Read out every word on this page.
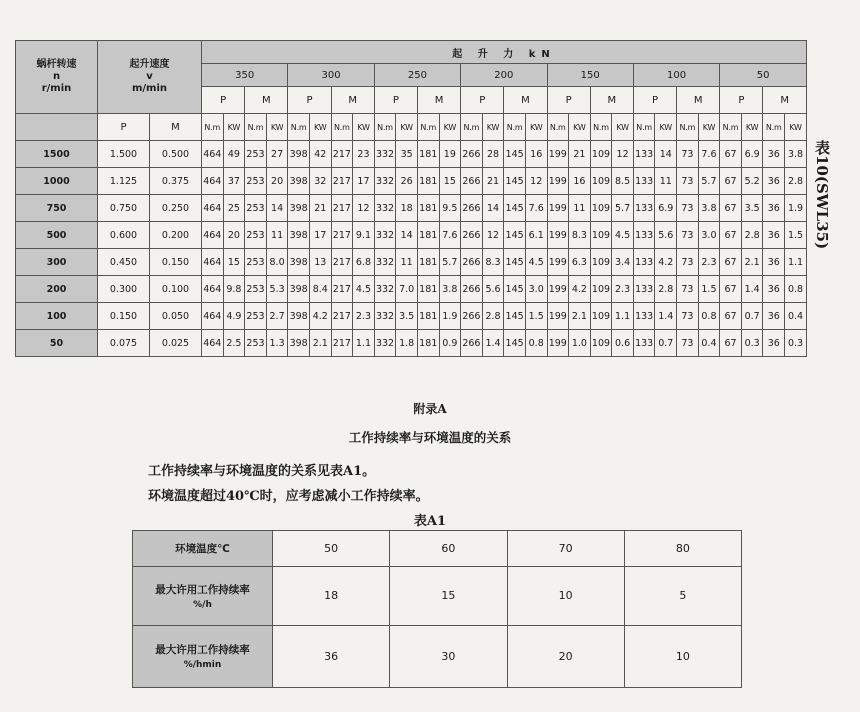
蜗杆转速
n
r/min	起升速度
v
m/min		起 升 力 kN																											
			350				300				250				200				150				100				50			
			P		M		P		M		P		M		P		M		P		M		P		M		P		M	
	P	M	N.m	KW	N.m	KW	N.m	KW	N.m	KW	N.m	KW	N.m	KW	N.m	KW	N.m	KW	N.m	KW	N.m	KW	N.m	KW	N.m	KW	N.m	KW	N.m	KW
1500	1.500	0.500	464	49	253	27	398	42	217	23	332	35	181	19	266	28	145	16	199	21	109	12	133	14	73	7.6	67	6.9	36	3.8
1000	1.125	0.375	464	37	253	20	398	32	217	17	332	26	181	15	266	21	145	12	199	16	109	8.5	133	11	73	5.7	67	5.2	36	2.8
750	0.750	0.250	464	25	253	14	398	21	217	12	332	18	181	9.5	266	14	145	7.6	199	11	109	5.7	133	6.9	73	3.8	67	3.5	36	1.9
500	0.600	0.200	464	20	253	11	398	17	217	9.1	332	14	181	7.6	266	12	145	6.1	199	8.3	109	4.5	133	5.6	73	3.0	67	2.8	36	1.5
300	0.450	0.150	464	15	253	8.0	398	13	217	6.8	332	11	181	5.7	266	8.3	145	4.5	199	6.3	109	3.4	133	4.2	73	2.3	67	2.1	36	1.1
200	0.300	0.100	464	9.8	253	5.3	398	8.4	217	4.5	332	7.0	181	3.8	266	5.6	145	3.0	199	4.2	109	2.3	133	2.8	73	1.5	67	1.4	36	0.8
100	0.150	0.050	464	4.9	253	2.7	398	4.2	217	2.3	332	3.5	181	1.9	266	2.8	145	1.5	199	2.1	109	1.1	133	1.4	73	0.8	67	0.7	36	0.4
50	0.075	0.025	464	2.5	253	1.3	398	2.1	217	1.1	332	1.8	181	0.9	266	1.4	145	0.8	199	1.0	109	0.6	133	0.7	73	0.4	67	0.3	36	0.3
表10(SWL35)
附录A
工作持续率与环境温度的关系
工作持续率与环境温度的关系见表A1。
环境温度超过40℃时，应考虑减小工作持续率。
表A1
环境温度℃	50	60	70	80
最大许用工作持续率
%/h	18	15	10	5
最大许用工作持续率
%/hmin	36	30	20	10
